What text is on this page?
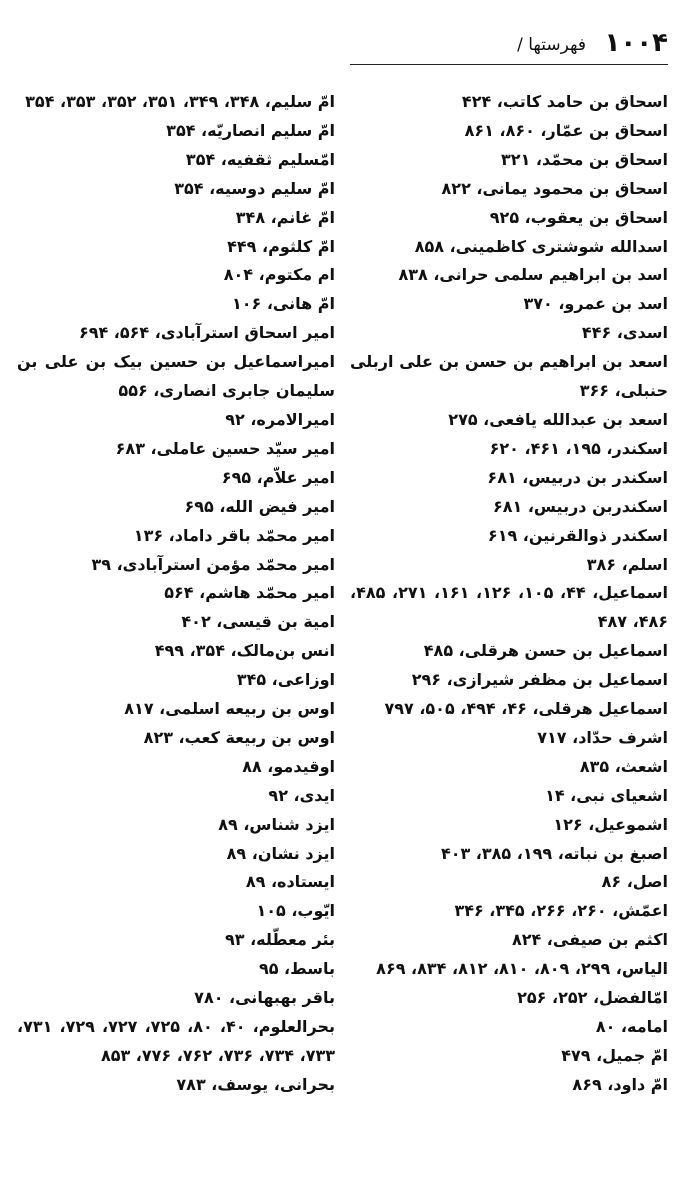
۱۰۰۴
فهرستها /
اسحاق بن حامد کاتب، ۴۲۴
اسحاق بن عمّار، ۸۶۰، ۸۶۱
اسحاق بن محمّد، ۳۲۱
اسحاق بن محمود یمانی، ۸۲۲
اسحاق بن یعقوب، ۹۲۵
اسدالله شوشتری کاظمینی، ۸۵۸
اسد بن ابراهیم سلمی حرانی، ۸۳۸
اسد بن عمرو، ۳۷۰
اسدی، ۴۴۶
اسعد بن ابراهیم بن حسن بن علی اربلی حنبلی، ۳۶۶
اسعد بن عبدالله یافعی، ۲۷۵
اسکندر، ۱۹۵، ۴۶۱، ۶۲۰
اسکندر بن دربیس، ۶۸۱
اسکندربن دربیس، ۶۸۱
اسکندر ذوالقرنین، ۶۱۹
اسلم، ۳۸۶
اسماعیل، ۴۴، ۱۰۵، ۱۲۶، ۱۶۱، ۲۷۱، ۴۸۵، ۴۸۶، ۴۸۷
اسماعیل بن حسن هرقلی، ۴۸۵
اسماعیل بن مظفر شیرازی، ۲۹۶
اسماعیل هرقلی، ۴۶، ۴۹۴، ۵۰۵، ۷۹۷
اشرف حدّاد، ۷۱۷
اشعث، ۸۳۵
اشعیای نبی، ۱۴
اشموعیل، ۱۲۶
اصبغ بن نباته، ۱۹۹، ۳۸۵، ۴۰۳
اصل، ۸۶
اعمّش، ۲۶۰، ۲۶۶، ۳۴۵، ۳۴۶
اکثم بن صیفی، ۸۲۴
الیاس، ۲۹۹، ۸۰۹، ۸۱۰، ۸۱۲، ۸۳۴، ۸۶۹
امّالفضل، ۲۵۲، ۲۵۶
امامه، ۸۰
امّ جمیل، ۴۷۹
امّ داود، ۸۶۹
امّ سلیم، ۳۴۸، ۳۴۹، ۳۵۱، ۳۵۲، ۳۵۳، ۳۵۴
امّ سلیم انصاریّه، ۳۵۴
امّسلیم ثقفیه، ۳۵۴
امّ سلیم دوسیه، ۳۵۴
امّ غانم، ۳۴۸
امّ کلثوم، ۴۴۹
ام مکتوم، ۸۰۴
امّ هانی، ۱۰۶
امیر اسحاق استرآبادی، ۵۶۴، ۶۹۴
امیراسماعیل بن حسین بیک بن علی بن سلیمان جابری انصاری، ۵۵۶
امیرالامره، ۹۲
امیر سیّد حسین عاملی، ۶۸۳
امیر علاّم، ۶۹۵
امیر فیض الله، ۶۹۵
امیر محمّد باقر داماد، ۱۳۶
امیر محمّد مؤمن استرآبادی، ۳۹
امیر محمّد هاشم، ۵۶۴
امیة بن قیسی، ۴۰۲
انس بن‌مالک، ۳۵۴، ۴۹۹
اوزاعی، ۳۴۵
اوس بن ربیعه اسلمی، ۸۱۷
اوس بن ربیعة کعب، ۸۲۳
اوقیدمو، ۸۸
ایدی، ۹۲
ایزد شناس، ۸۹
ایزد نشان، ۸۹
ایستاده، ۸۹
ایّوب، ۱۰۵
بئر معطّله، ۹۳
باسط، ۹۵
باقر بهبهانی، ۷۸۰
بحرالعلوم، ۴۰، ۸۰، ۷۲۵، ۷۲۷، ۷۲۹، ۷۳۱، ۷۳۳، ۷۳۴، ۷۳۶، ۷۶۲، ۷۷۶، ۸۵۳
بحرانی، یوسف، ۷۸۳
